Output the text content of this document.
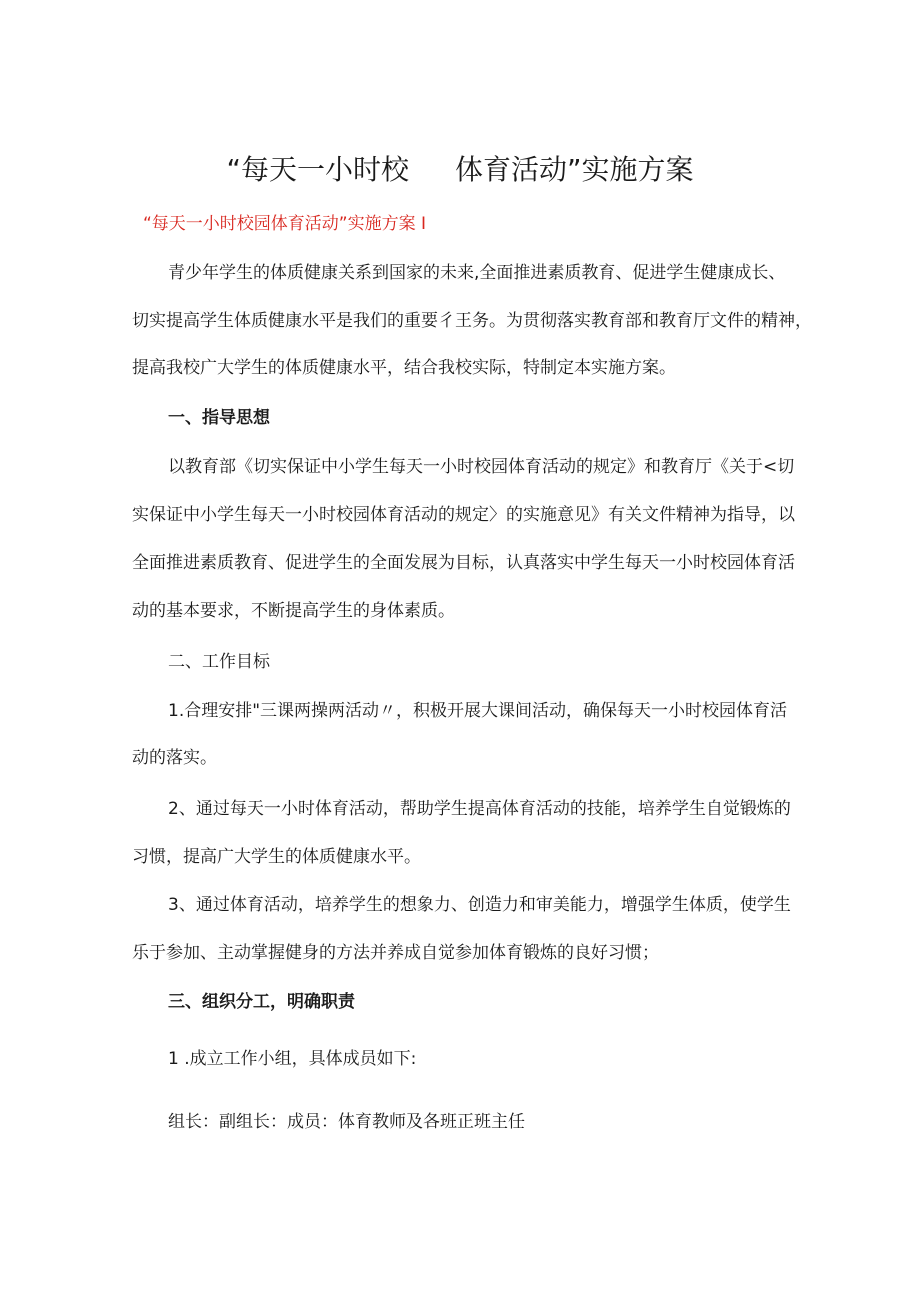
“每天一小时校 体育活动”实施方案
“每天一小时校园体育活动”实施方案 I
青少年学生的体质健康关系到国家的未来,全面推进素质教育、促进学生健康成长、
切实提高学生体质健康水平是我们的重要彳王务。为贯彻落实教育部和教育厅文件的精神，
提高我校广大学生的体质健康水平，结合我校实际，特制定本实施方案。
一、指导思想
以教育部《切实保证中小学生每天一小时校园体育活动的规定》和教育厅《关于<切
实保证中小学生每天一小时校园体育活动的规定〉的实施意见》有关文件精神为指导，以
全面推进素质教育、促进学生的全面发展为目标，认真落实中学生每天一小时校园体育活
动的基本要求，不断提高学生的身体素质。
二、工作目标
1.合理安排"三课两操两活动〃，积极开展大课间活动，确保每天一小时校园体育活
动的落实。
2、通过每天一小时体育活动，帮助学生提高体育活动的技能，培养学生自觉锻炼的
习惯，提高广大学生的体质健康水平。
3、通过体育活动，培养学生的想象力、创造力和审美能力，增强学生体质，使学生
乐于参加、主动掌握健身的方法并养成自觉参加体育锻炼的良好习惯；
三、组织分工，明确职责
1 .成立工作小组，具体成员如下:
组长：副组长：成员：体育教师及各班正班主任
